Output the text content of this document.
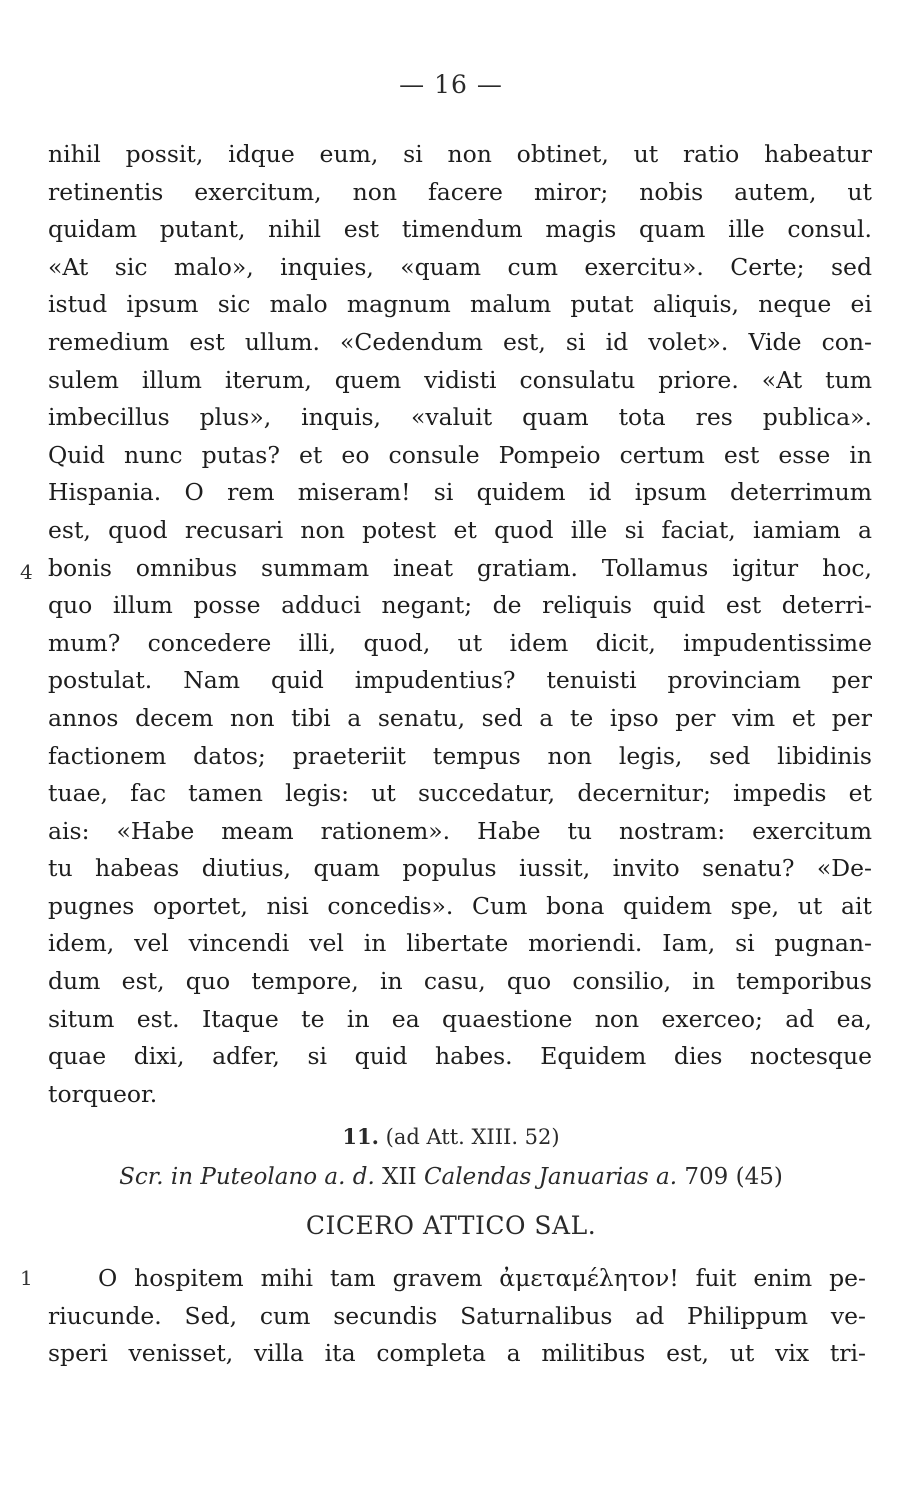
— 16 —
nihil possit, idque eum, si non obtinet, ut ratio habeatur
retinentis exercitum, non facere miror; nobis autem, ut
quidam putant, nihil est timendum magis quam ille consul.
«At sic malo», inquies, «quam cum exercitu». Certe; sed
istud ipsum sic malo magnum malum putat aliquis, neque ei
remedium est ullum. «Cedendum est, si id volet». Vide con-
sulem illum iterum, quem vidisti consulatu priore. «At tum
imbecillus plus», inquis, «valuit quam tota res publica».
Quid nunc putas? et eo consule Pompeio certum est esse in
Hispania. O rem miseram! si quidem id ipsum deterrimum
est, quod recusari non potest et quod ille si faciat, iamiam a
bonis omnibus summam ineat gratiam. Tollamus igitur hoc,
quo illum posse adduci negant; de reliquis quid est deterri-
mum? concedere illi, quod, ut idem dicit, impudentissime
postulat. Nam quid impudentius? tenuisti provinciam per
annos decem non tibi a senatu, sed a te ipso per vim et per
factionem datos; praeteriit tempus non legis, sed libidinis
tuae, fac tamen legis: ut succedatur, decernitur; impedis et
ais: «Habe meam rationem». Habe tu nostram: exercitum
tu habeas diutius, quam populus iussit, invito senatu? «De-
pugnes oportet, nisi concedis». Cum bona quidem spe, ut ait
idem, vel vincendi vel in libertate moriendi. Iam, si pugnan-
dum est, quo tempore, in casu, quo consilio, in temporibus
situm est. Itaque te in ea quaestione non exerceo; ad ea,
quae dixi, adfer, si quid habes. Equidem dies noctesque
torqueor.
4
11. (ad Att. XIII. 52)
Scr. in Puteolano a. d. XII Calendas Januarias a. 709 (45)
CICERO ATTICO SAL.
1	O hospitem mihi tam gravem ἀμεταμέλητον! fuit enim pe-
riucunde. Sed, cum secundis Saturnalibus ad Philippum ve-
speri venisset, villa ita completa a militibus est, ut vix tri-
